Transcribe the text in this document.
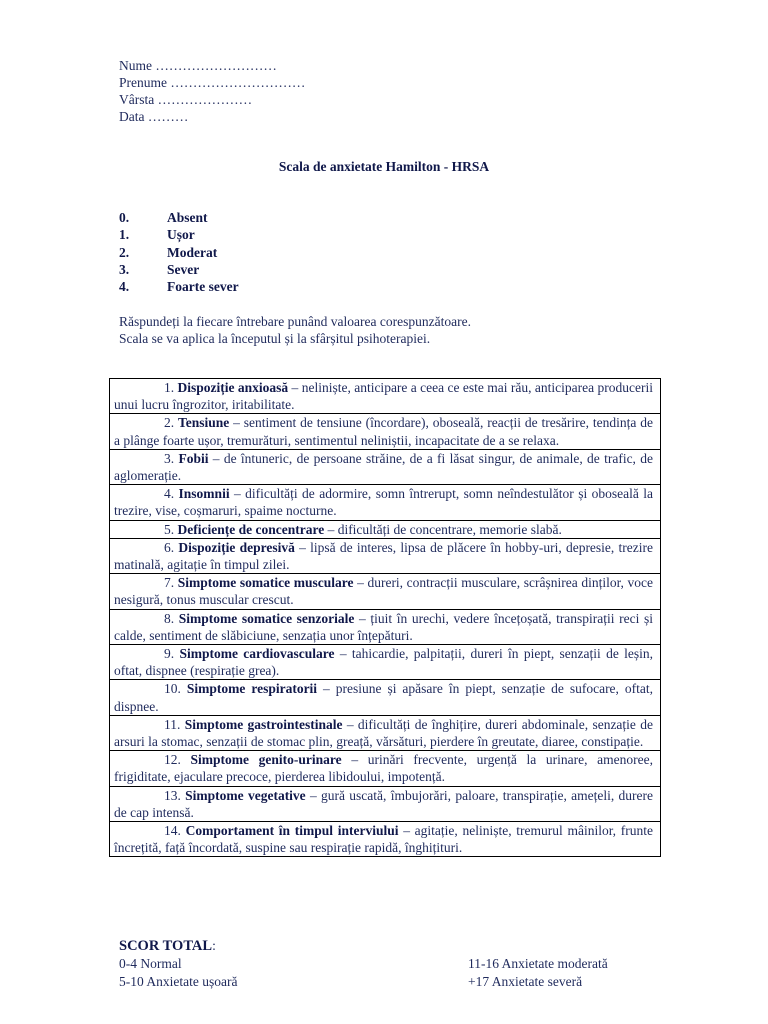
Nume ………………………
Prenume …………………………
Vârsta …………………
Data ………
Scala de anxietate Hamilton - HRSA
0.	Absent
1.	Ușor
2.	Moderat
3.	Sever
4.	Foarte sever
Răspundeți la fiecare întrebare punând valoarea corespunzătoare.
Scala se va aplica la începutul și la sfârșitul psihoterapiei.
1. Dispoziție anxioasă – neliniște, anticipare a ceea ce este mai rău, anticiparea producerii unui lucru îngrozitor, iritabilitate.
2. Tensiune – sentiment de tensiune (încordare), oboseală, reacții de tresărire, tendința de a plânge foarte ușor, tremurături, sentimentul neliniștii, incapacitate de a se relaxa.
3. Fobii – de întuneric, de persoane străine, de a fi lăsat singur, de animale, de trafic, de aglomerație.
4. Insomnii – dificultăți de adormire, somn întrerupt, somn neîndestulător și oboseală la trezire, vise, coșmaruri, spaime nocturne.
5. Deficiențe de concentrare – dificultăți de concentrare, memorie slabă.
6. Dispoziție depresivă – lipsă de interes, lipsa de plăcere în hobby-uri, depresie, trezire matinală, agitație în timpul zilei.
7. Simptome somatice musculare – dureri, contracții musculare, scrâșnirea dinților, voce nesigură, tonus muscular crescut.
8. Simptome somatice senzoriale – țiuit în urechi, vedere încețoșată, transpirații reci și calde, sentiment de slăbiciune, senzația unor înțepături.
9. Simptome cardiovasculare – tahicardie, palpitații, dureri în piept, senzații de leșin, oftat, dispnee (respirație grea).
10. Simptome respiratorii – presiune și apăsare în piept, senzație de sufocare, oftat, dispnee.
11. Simptome gastrointestinale – dificultăți de înghițire, dureri abdominale, senzație de arsuri la stomac, senzații de stomac plin, greață, vărsături, pierdere în greutate, diaree, constipație.
12. Simptome genito-urinare – urinări frecvente, urgență la urinare, amenoree, frigiditate, ejaculare precoce, pierderea libidoului, impotență.
13. Simptome vegetative – gură uscată, îmbujorări, paloare, transpirație, amețeli, durere de cap intensă.
14. Comportament în timpul interviului – agitație, neliniște, tremurul mâinilor, frunte încrețită, față încordată, suspine sau respirație rapidă, înghițituri.
SCOR TOTAL:
0-4 Normal	11-16 Anxietate moderată
5-10 Anxietate ușoară	+17 Anxietate severă
